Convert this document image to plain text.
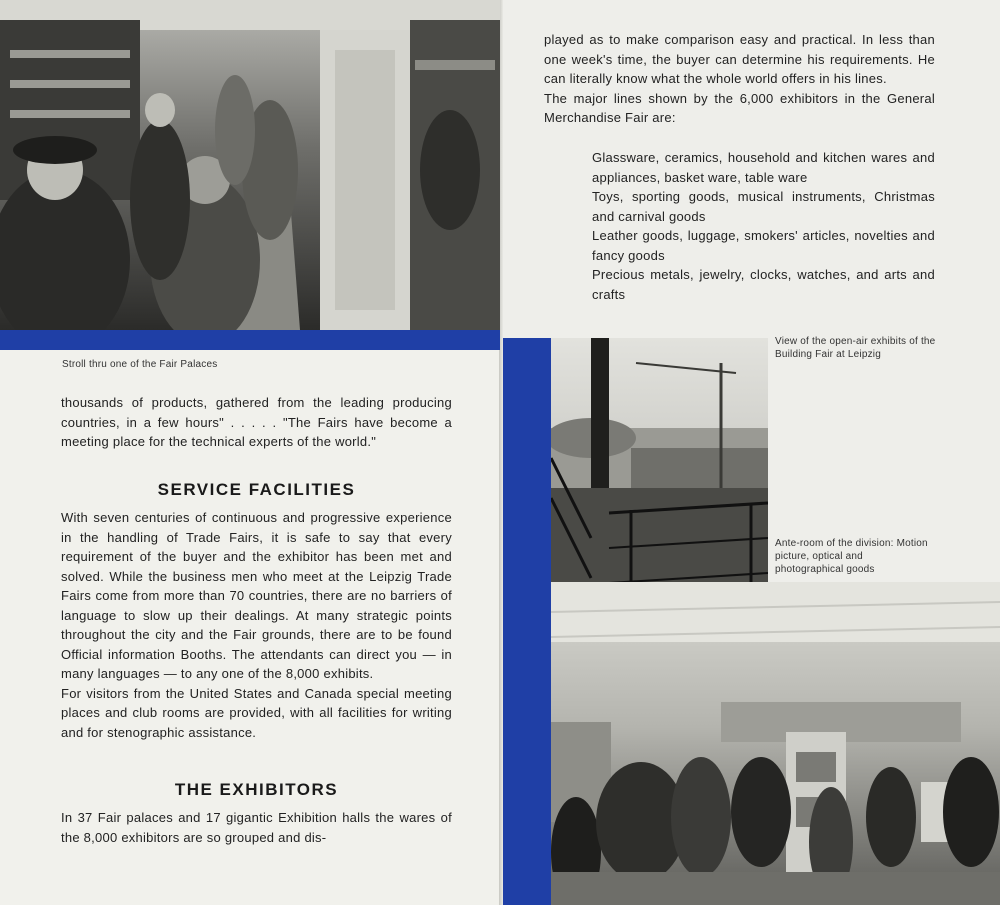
Stroll thru one of the Fair Palaces

thousands of products, gathered from the leading producing countries, in a few hours" . . . . . "The Fairs have become a meeting place for the technical experts of the world."

SERVICE FACILITIES

With seven centuries of continuous and progressive experience in the handling of Trade Fairs, it is safe to say that every requirement of the buyer and the exhibitor has been met and solved. While the business men who meet at the Leipzig Trade Fairs come from more than 70 countries, there are no barriers of language to slow up their dealings. At many strategic points throughout the city and the Fair grounds, there are to be found Official information Booths. The attendants can direct you — in many languages — to any one of the 8,000 exhibits.

For visitors from the United States and Canada special meeting places and club rooms are provided, with all facilities for writing and for stenographic assistance.

THE EXHIBITORS

In 37 Fair palaces and 17 gigantic Exhibition halls the wares of the 8,000 exhibitors are so grouped and dis-

played as to make comparison easy and practical. In less than one week's time, the buyer can determine his requirements. He can literally know what the whole world offers in his lines.

The major lines shown by the 6,000 exhibitors in the General Merchandise Fair are:

Glassware, ceramics, household and kitchen wares and appliances, basket ware, table ware
Toys, sporting goods, musical instruments, Christmas and carnival goods
Leather goods, luggage, smokers' articles, novelties and fancy goods
Precious metals, jewelry, clocks, watches, and arts and crafts
View of the open-air exhibits of the Building Fair at Leipzig
Ante-room of the division: Motion picture, optical and photographical goods
